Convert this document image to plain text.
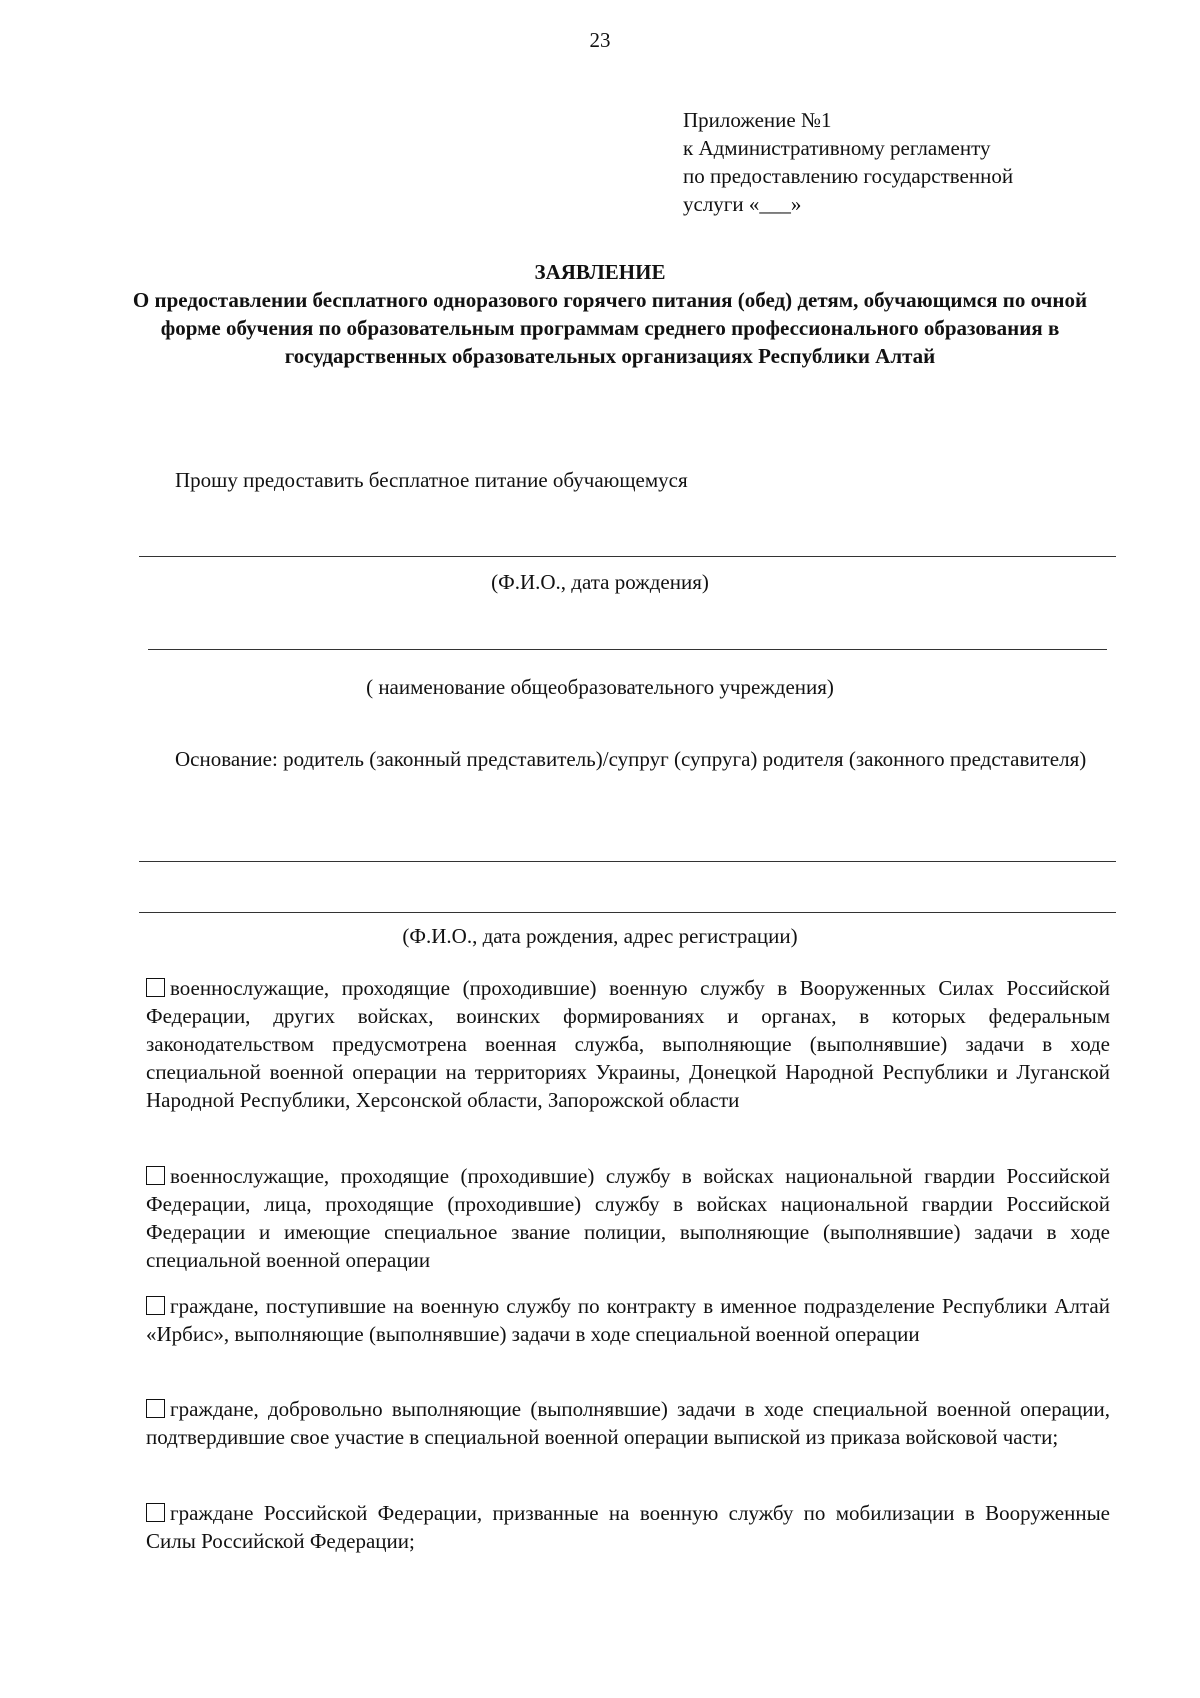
23
Приложение №1
к Административному регламенту
по предоставлению государственной
услуги «___»
ЗАЯВЛЕНИЕ
О предоставлении бесплатного одноразового горячего питания (обед) детям, обучающимся по очной форме обучения по образовательным программам среднего профессионального образования в государственных образовательных организациях Республики Алтай
Прошу предоставить бесплатное питание обучающемуся
(Ф.И.О., дата рождения)
( наименование общеобразовательного учреждения)
Основание: родитель (законный представитель)/супруг (супруга) родителя (законного представителя)
(Ф.И.О., дата рождения, адрес регистрации)
военнослужащие, проходящие (проходившие) военную службу в Вооруженных Силах Российской Федерации, других войсках, воинских формированиях и органах, в которых федеральным законодательством предусмотрена военная служба, выполняющие (выполнявшие) задачи в ходе специальной военной операции на территориях Украины, Донецкой Народной Республики и Луганской Народной Республики, Херсонской области, Запорожской области
военнослужащие, проходящие (проходившие) службу в войсках национальной гвардии Российской Федерации, лица, проходящие (проходившие) службу в войсках национальной гвардии Российской Федерации и имеющие специальное звание полиции, выполняющие (выполнявшие) задачи в ходе специальной военной операции
граждане, поступившие на военную службу по контракту в именное подразделение Республики Алтай «Ирбис», выполняющие (выполнявшие) задачи в ходе специальной военной операции
граждане, добровольно выполняющие (выполнявшие) задачи в ходе специальной военной операции, подтвердившие свое участие в специальной военной операции выпиской из приказа войсковой части;
граждане Российской Федерации, призванные на военную службу по мобилизации в Вооруженные Силы Российской Федерации;
